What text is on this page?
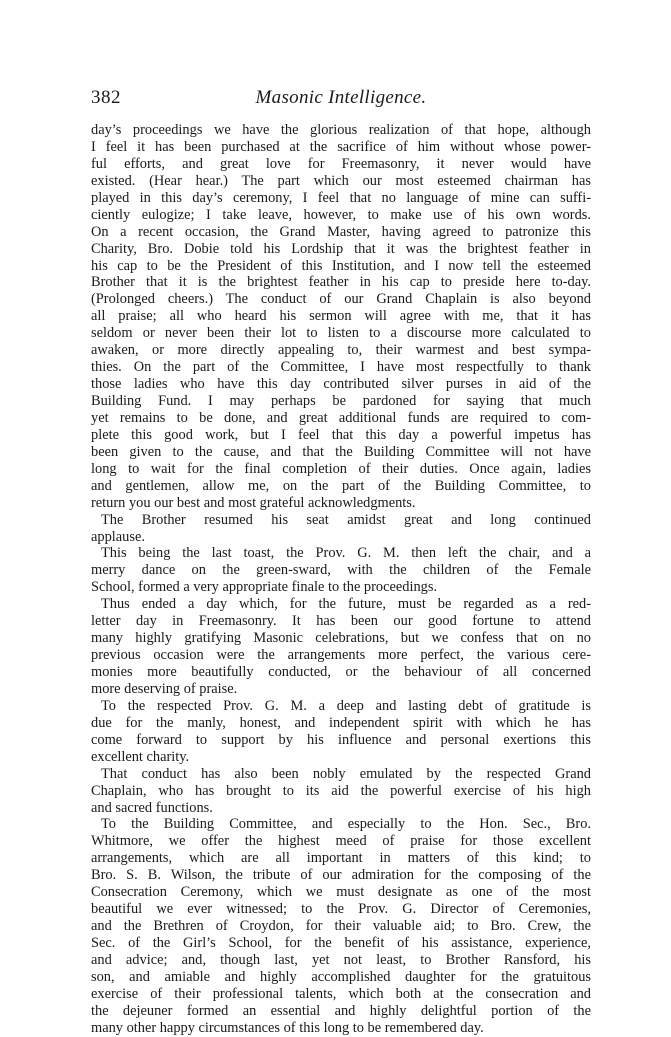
382	Masonic Intelligence.
day’s proceedings we have the glorious realization of that hope, although
I feel it has been purchased at the sacrifice of him without whose power-
ful efforts, and great love for Freemasonry, it never would have
existed. (Hear hear.) The part which our most esteemed chairman has
played in this day’s ceremony, I feel that no language of mine can suffi-
ciently eulogize; I take leave, however, to make use of his own words.
On a recent occasion, the Grand Master, having agreed to patronize this
Charity, Bro. Dobie told his Lordship that it was the brightest feather in
his cap to be the President of this Institution, and I now tell the esteemed
Brother that it is the brightest feather in his cap to preside here to-day.
(Prolonged cheers.) The conduct of our Grand Chaplain is also beyond
all praise; all who heard his sermon will agree with me, that it has
seldom or never been their lot to listen to a discourse more calculated to
awaken, or more directly appealing to, their warmest and best sympa-
thies. On the part of the Committee, I have most respectfully to thank
those ladies who have this day contributed silver purses in aid of the
Building Fund. I may perhaps be pardoned for saying that much
yet remains to be done, and great additional funds are required to com-
plete this good work, but I feel that this day a powerful impetus has
been given to the cause, and that the Building Committee will not have
long to wait for the final completion of their duties. Once again, ladies
and gentlemen, allow me, on the part of the Building Committee, to
return you our best and most grateful acknowledgments.
The Brother resumed his seat amidst great and long continued
applause.
This being the last toast, the Prov. G. M. then left the chair, and a
merry dance on the green-sward, with the children of the Female
School, formed a very appropriate finale to the proceedings.
Thus ended a day which, for the future, must be regarded as a red-
letter day in Freemasonry. It has been our good fortune to attend
many highly gratifying Masonic celebrations, but we confess that on no
previous occasion were the arrangements more perfect, the various cere-
monies more beautifully conducted, or the behaviour of all concerned
more deserving of praise.
To the respected Prov. G. M. a deep and lasting debt of gratitude is
due for the manly, honest, and independent spirit with which he has
come forward to support by his influence and personal exertions this
excellent charity.
That conduct has also been nobly emulated by the respected Grand
Chaplain, who has brought to its aid the powerful exercise of his high
and sacred functions.
To the Building Committee, and especially to the Hon. Sec., Bro.
Whitmore, we offer the highest meed of praise for those excellent
arrangements, which are all important in matters of this kind; to
Bro. S. B. Wilson, the tribute of our admiration for the composing of the
Consecration Ceremony, which we must designate as one of the most
beautiful we ever witnessed; to the Prov. G. Director of Ceremonies,
and the Brethren of Croydon, for their valuable aid; to Bro. Crew, the
Sec. of the Girl’s School, for the benefit of his assistance, experience,
and advice; and, though last, yet not least, to Brother Ransford, his
son, and amiable and highly accomplished daughter for the gratuitous
exercise of their professional talents, which both at the consecration and
the dejeuner formed an essential and highly delightful portion of the
many other happy circumstances of this long to be remembered day.
